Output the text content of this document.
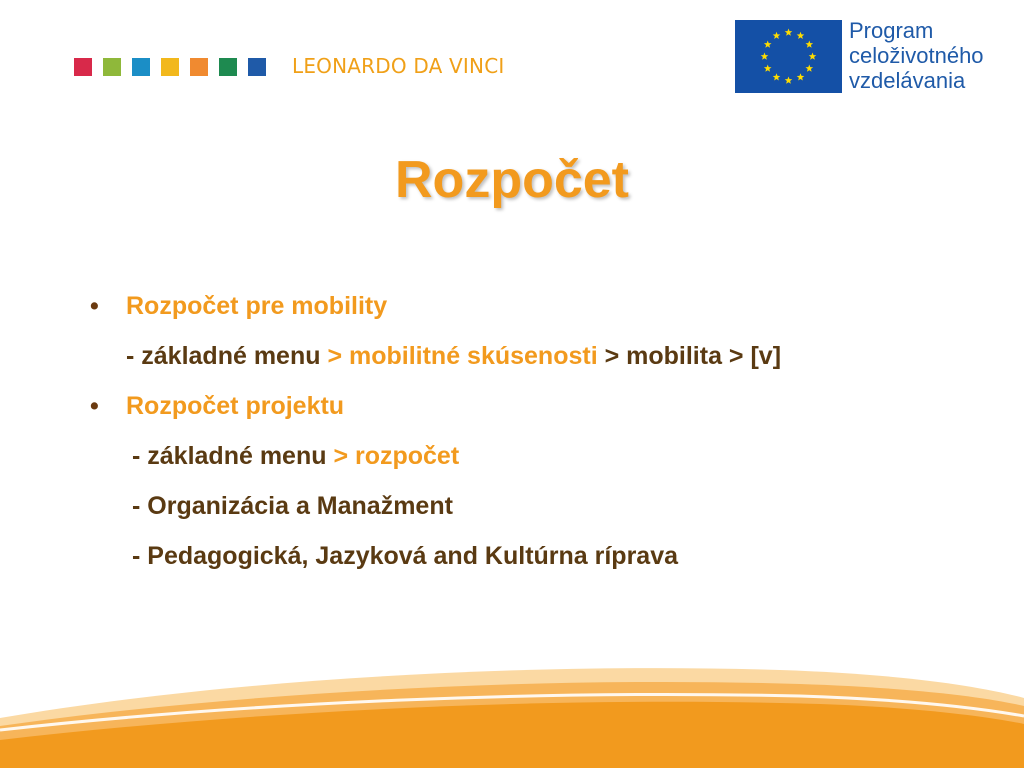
LEONARDO DA VINCI
Program
celoživotného
vzdelávania
Rozpočet
• Rozpočet pre mobility
- základné menu > mobilitné skúsenosti > mobilita > [v]
• Rozpočet projektu
- základné menu > rozpočet
- Organizácia a Manažment
- Pedagogická, Jazyková and Kultúrna ríprava
